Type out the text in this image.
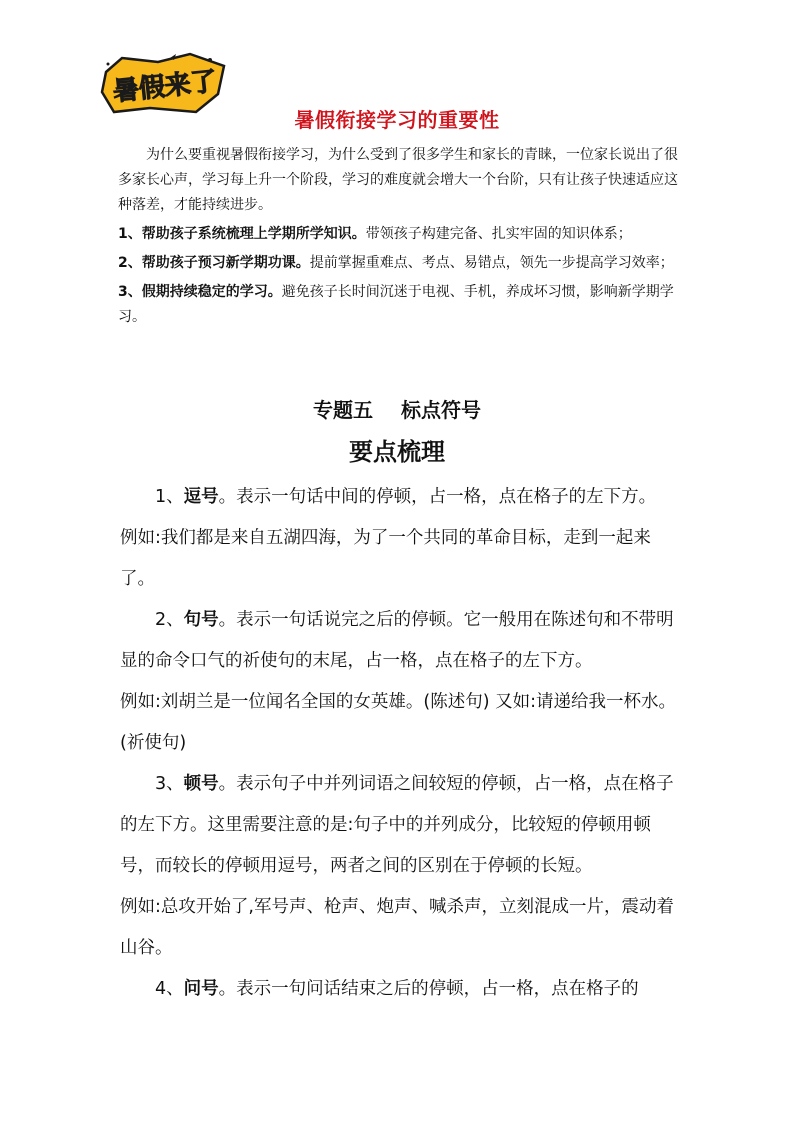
暑假来了
暑假衔接学习的重要性

为什么要重视暑假衔接学习，为什么受到了很多学生和家长的青睐，一位家长说出了很多家长心声，学习每上升一个阶段，学习的难度就会增大一个台阶，只有让孩子快速适应这种落差，才能持续进步。

1、帮助孩子系统梳理上学期所学知识。带领孩子构建完备、扎实牢固的知识体系；

2、帮助孩子预习新学期功课。提前掌握重难点、考点、易错点，领先一步提高学习效率；

3、假期持续稳定的学习。避免孩子长时间沉迷于电视、手机，养成坏习惯，影响新学期学习。

专题五 标点符号
要点梳理

1、逗号。表示一句话中间的停顿，占一格，点在格子的左下方。

例如:我们都是来自五湖四海，为了一个共同的革命目标，走到一起来了。

2、句号。表示一句话说完之后的停顿。它一般用在陈述句和不带明显的命令口气的祈使句的末尾，占一格，点在格子的左下方。

例如:刘胡兰是一位闻名全国的女英雄。(陈述句) 又如:请递给我一杯水。

(祈使句)

3、顿号。表示句子中并列词语之间较短的停顿，占一格，点在格子的左下方。这里需要注意的是:句子中的并列成分，比较短的停顿用顿号，而较长的停顿用逗号，两者之间的区别在于停顿的长短。

例如:总攻开始了,军号声、枪声、炮声、喊杀声，立刻混成一片，震动着山谷。

4、问号。表示一句问话结束之后的停顿，占一格，点在格子的
